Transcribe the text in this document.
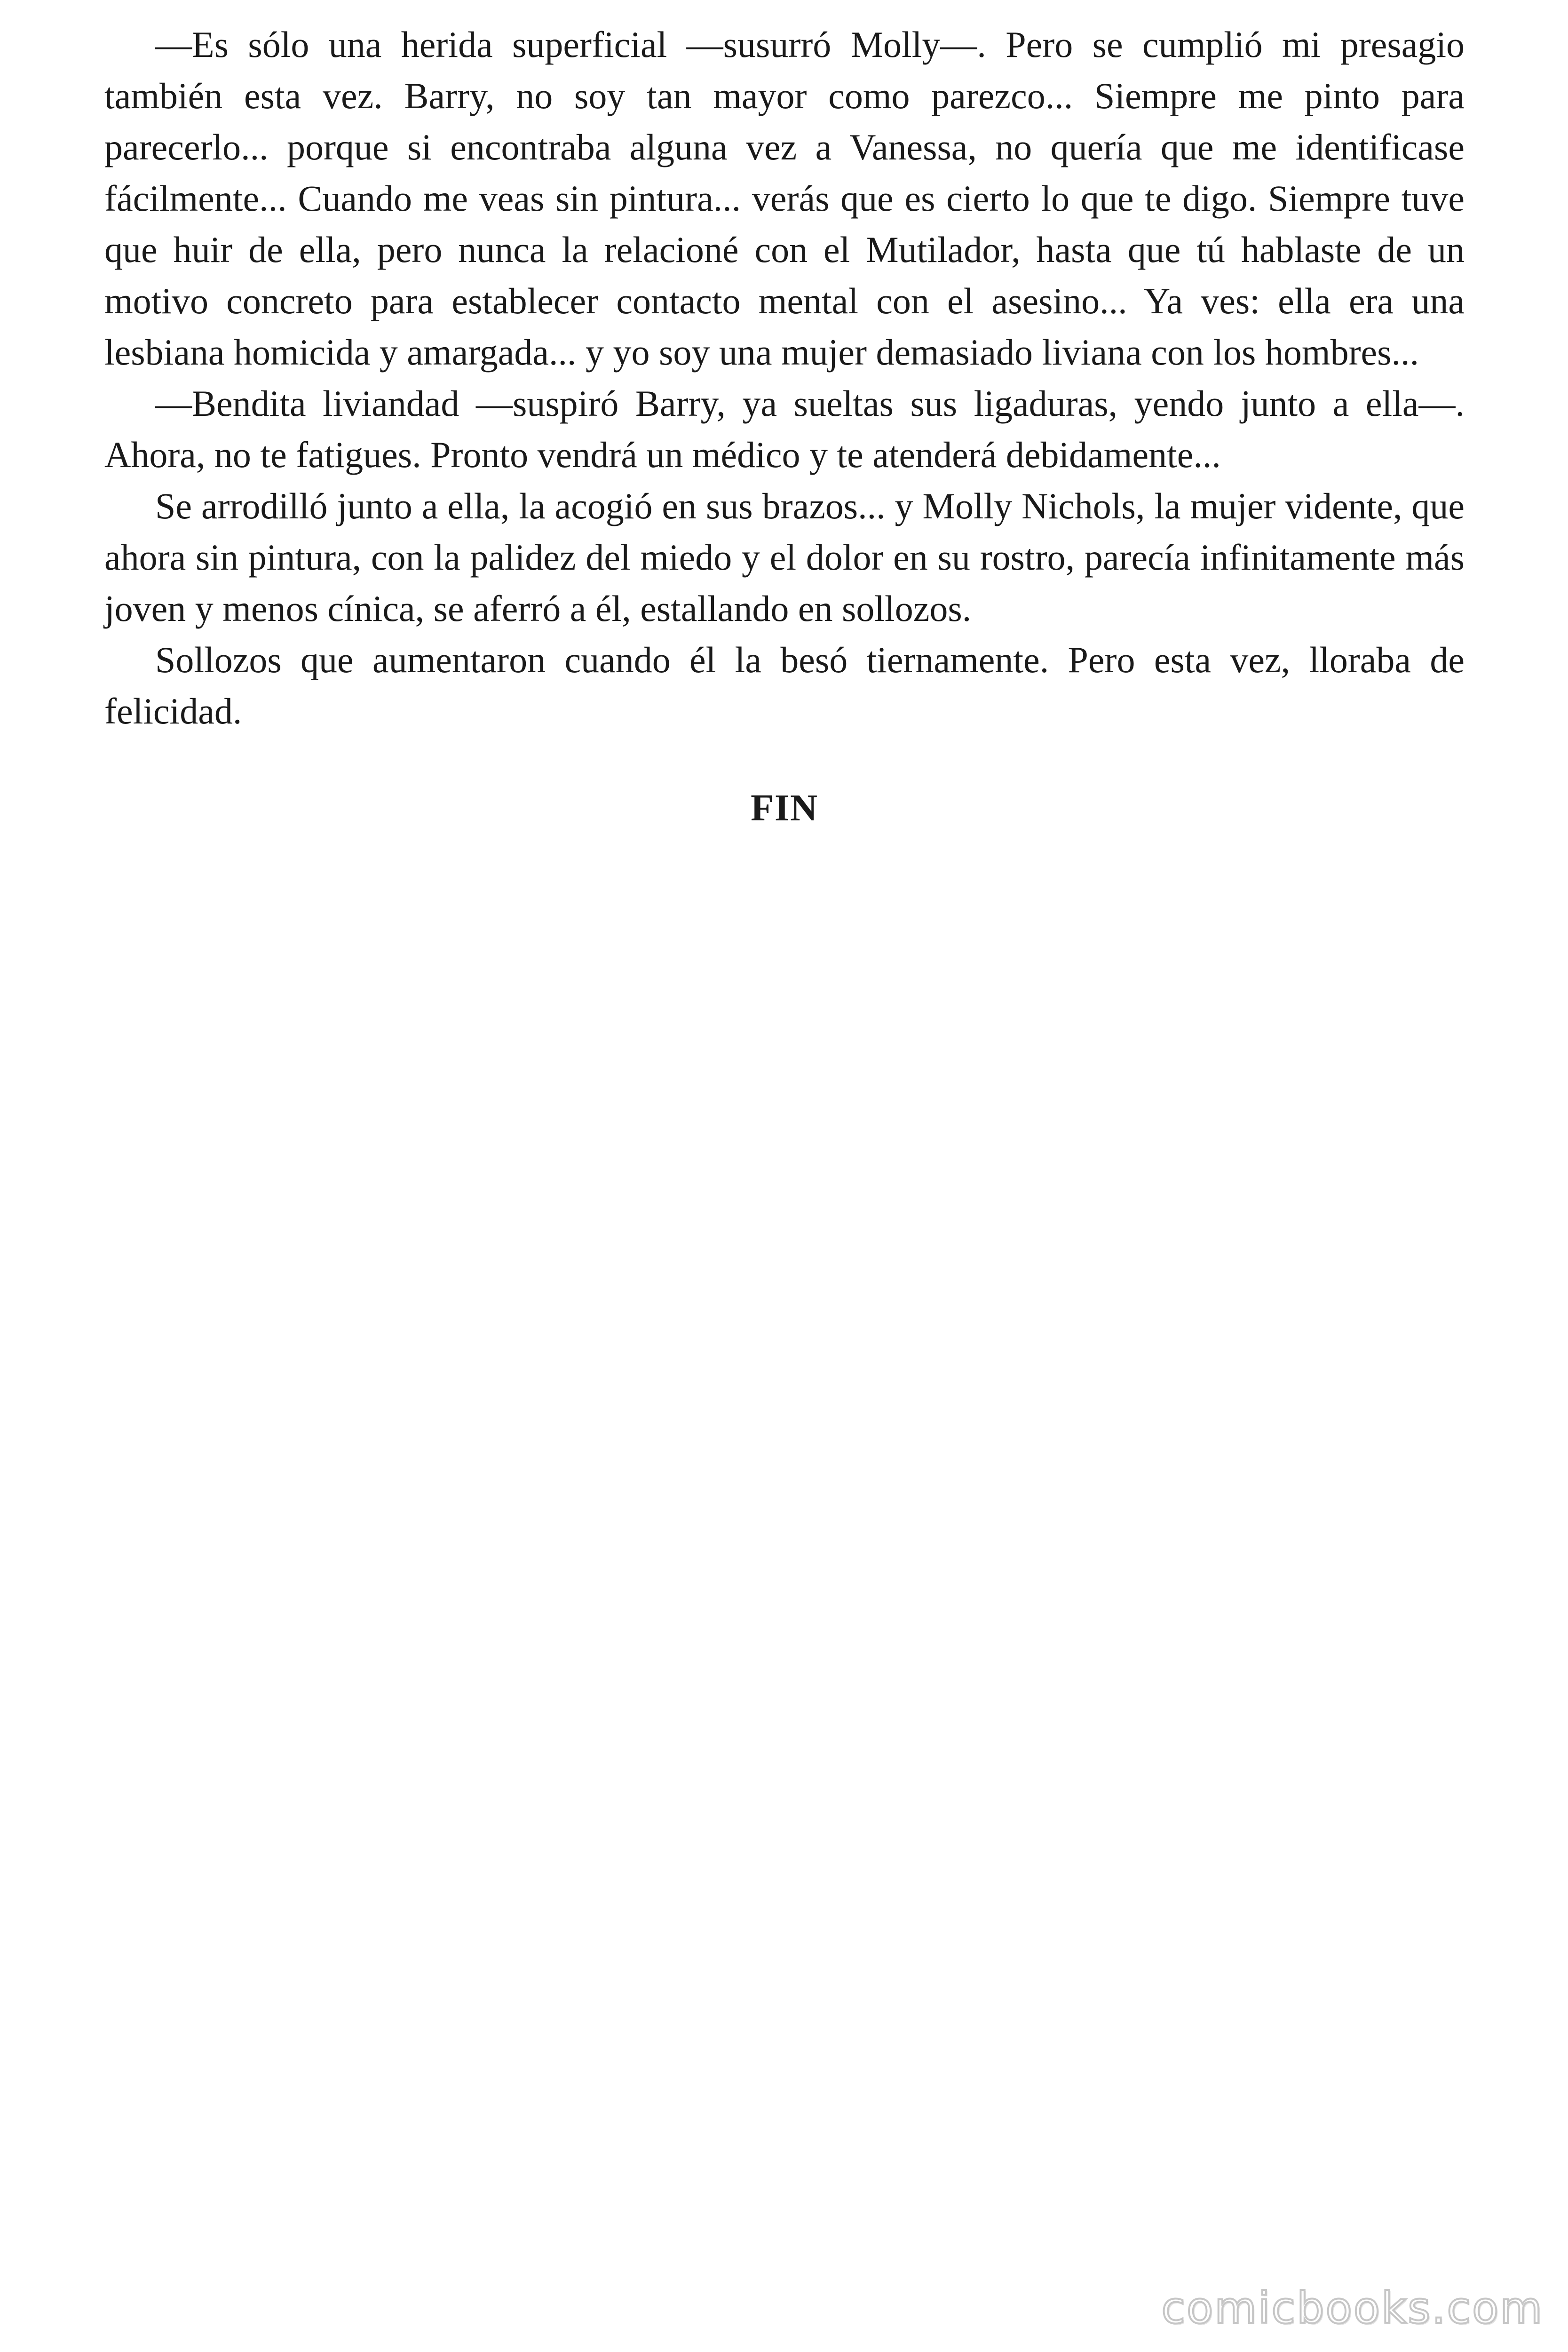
—Es sólo una herida superficial —susurró Molly—. Pero se cumplió mi presagio también esta vez. Barry, no soy tan mayor como parezco... Siempre me pinto para parecerlo... porque si encontraba alguna vez a Vanessa, no quería que me identificase fácilmente... Cuando me veas sin pintura... verás que es cierto lo que te digo. Siempre tuve que huir de ella, pero nunca la relacioné con el Mutilador, hasta que tú hablaste de un motivo concreto para establecer contacto mental con el asesino... Ya ves: ella era una lesbiana homicida y amargada... y yo soy una mujer demasiado liviana con los hombres...

—Bendita liviandad —suspiró Barry, ya sueltas sus ligaduras, yendo junto a ella—. Ahora, no te fatigues. Pronto vendrá un médico y te atenderá debidamente...

Se arrodilló junto a ella, la acogió en sus brazos... y Molly Nichols, la mujer vidente, que ahora sin pintura, con la palidez del miedo y el dolor en su rostro, parecía infinitamente más joven y menos cínica, se aferró a él, estallando en sollozos.

Sollozos que aumentaron cuando él la besó tiernamente. Pero esta vez, lloraba de felicidad.

FIN

comicbooks.com
